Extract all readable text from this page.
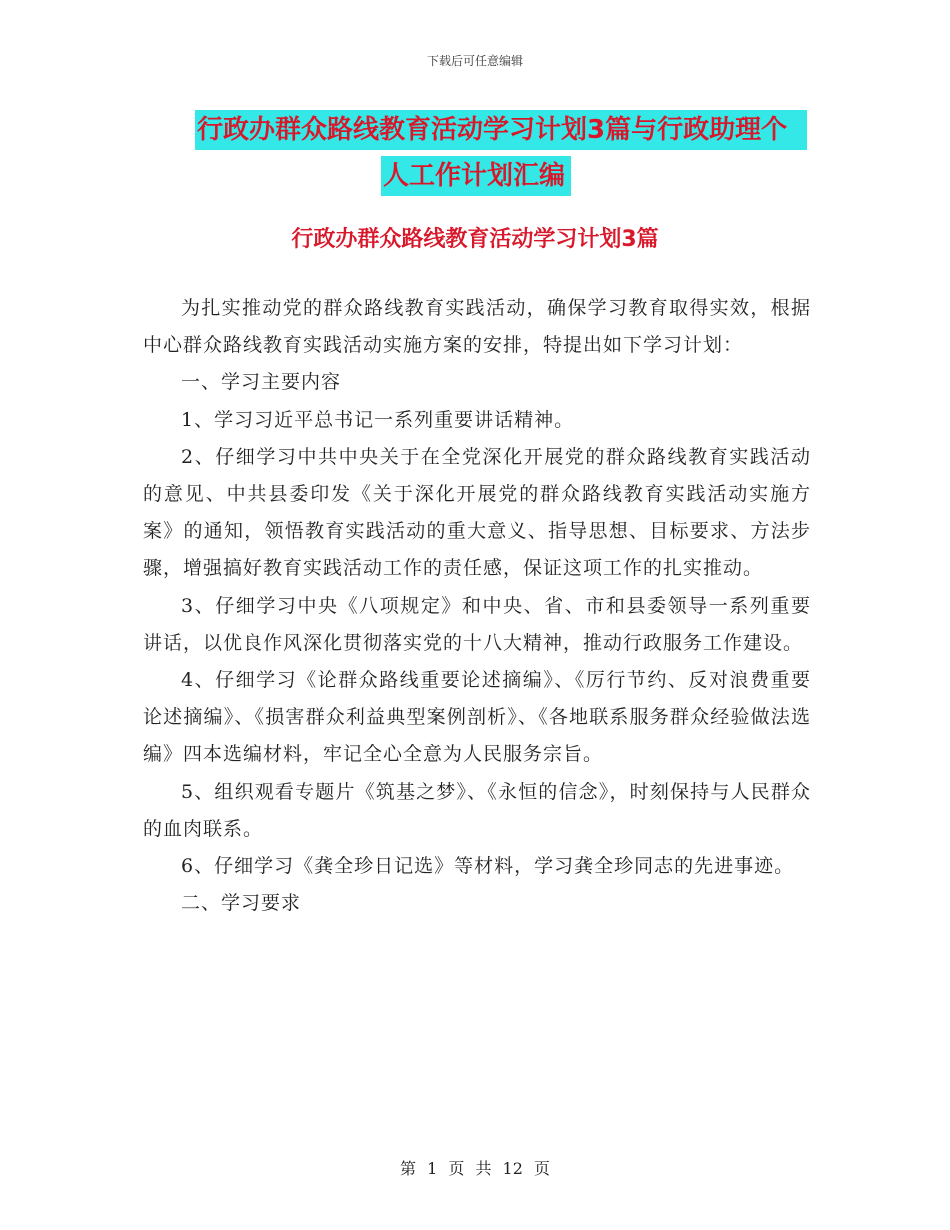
下载后可任意编辑
行政办群众路线教育活动学习计划3篇与行政助理个
人工作计划汇编
行政办群众路线教育活动学习计划3篇

为扎实推动党的群众路线教育实践活动，确保学习教育取得实效，根据中心群众路线教育实践活动实施方案的安排，特提出如下学习计划：

一、学习主要内容

1、学习习近平总书记一系列重要讲话精神。

2、仔细学习中共中央关于在全党深化开展党的群众路线教育实践活动的意见、中共县委印发《关于深化开展党的群众路线教育实践活动实施方案》的通知，领悟教育实践活动的重大意义、指导思想、目标要求、方法步骤，增强搞好教育实践活动工作的责任感，保证这项工作的扎实推动。

3、仔细学习中央《八项规定》和中央、省、市和县委领导一系列重要讲话，以优良作风深化贯彻落实党的十八大精神，推动行政服务工作建设。

4、仔细学习《论群众路线重要论述摘编》、《厉行节约、反对浪费重要论述摘编》、《损害群众利益典型案例剖析》、《各地联系服务群众经验做法选编》四本选编材料，牢记全心全意为人民服务宗旨。

5、组织观看专题片《筑基之梦》、《永恒的信念》，时刻保持与人民群众的血肉联系。

6、仔细学习《龚全珍日记选》等材料，学习龚全珍同志的先进事迹。

二、学习要求

第 1 页 共 12 页
